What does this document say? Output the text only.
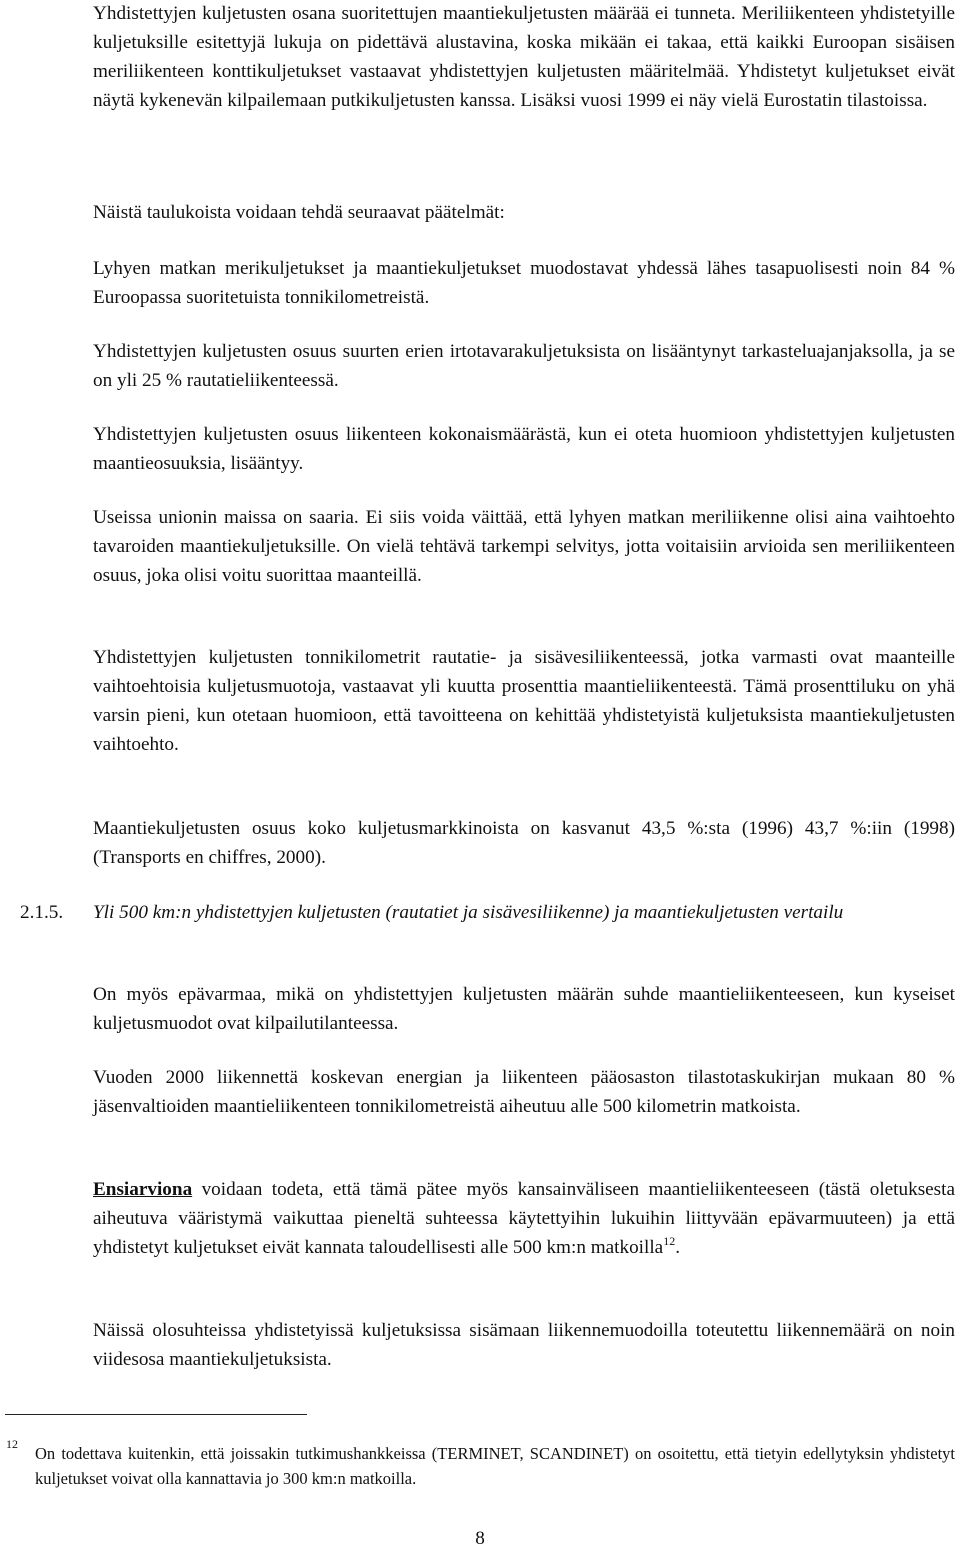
Yhdistettyjen kuljetusten osana suoritettujen maantiekuljetusten määrää ei tunneta. Meriliikenteen yhdistetyille kuljetuksille esitettyjä lukuja on pidettävä alustavina, koska mikään ei takaa, että kaikki Euroopan sisäisen meriliikenteen konttikuljetukset vastaavat yhdistettyjen kuljetusten määritelmää. Yhdistetyt kuljetukset eivät näytä kykenevän kilpailemaan putkikuljetusten kanssa. Lisäksi vuosi 1999 ei näy vielä Eurostatin tilastoissa.

Näistä taulukoista voidaan tehdä seuraavat päätelmät:

Lyhyen matkan merikuljetukset ja maantiekuljetukset muodostavat yhdessä lähes tasapuolisesti noin 84 % Euroopassa suoritetuista tonnikilometreistä.

Yhdistettyjen kuljetusten osuus suurten erien irtotavarakuljetuksista on lisääntynyt tarkasteluajanjaksolla, ja se on yli 25 % rautatieliikenteessä.

Yhdistettyjen kuljetusten osuus liikenteen kokonaismäärästä, kun ei oteta huomioon yhdistettyjen kuljetusten maantieosuuksia, lisääntyy.

Useissa unionin maissa on saaria. Ei siis voida väittää, että lyhyen matkan meriliikenne olisi aina vaihtoehto tavaroiden maantiekuljetuksille. On vielä tehtävä tarkempi selvitys, jotta voitaisiin arvioida sen meriliikenteen osuus, joka olisi voitu suorittaa maanteillä.

Yhdistettyjen kuljetusten tonnikilometrit rautatie- ja sisävesiliikenteessä, jotka varmasti ovat maanteille vaihtoehtoisia kuljetusmuotoja, vastaavat yli kuutta prosenttia maantieliikenteestä. Tämä prosenttiluku on yhä varsin pieni, kun otetaan huomioon, että tavoitteena on kehittää yhdistetyistä kuljetuksista maantiekuljetusten vaihtoehto.

Maantiekuljetusten osuus koko kuljetusmarkkinoista on kasvanut 43,5 %:sta (1996) 43,7 %:iin (1998) (Transports en chiffres, 2000).

2.1.5. Yli 500 km:n yhdistettyjen kuljetusten (rautatiet ja sisävesiliikenne) ja maantiekuljetusten vertailu

On myös epävarmaa, mikä on yhdistettyjen kuljetusten määrän suhde maantieliikenteeseen, kun kyseiset kuljetusmuodot ovat kilpailutilanteessa.

Vuoden 2000 liikennettä koskevan energian ja liikenteen pääosaston tilastotaskukirjan mukaan 80 % jäsenvaltioiden maantieliikenteen tonnikilometreistä aiheutuu alle 500 kilometrin matkoista.

Ensiarviona voidaan todeta, että tämä pätee myös kansainväliseen maantieliikenteeseen (tästä oletuksesta aiheutuva vääristymä vaikuttaa pieneltä suhteessa käytettyihin lukuihin liittyvään epävarmuuteen) ja että yhdistetyt kuljetukset eivät kannata taloudellisesti alle 500 km:n matkoilla$^{12}$.

Näissä olosuhteissa yhdistetyissä kuljetuksissa sisämaan liikennemuodoilla toteutettu liikennemäärä on noin viidesosa maantiekuljetuksista.

12 On todettava kuitenkin, että joissakin tutkimushankkeissa (TERMINET, SCANDINET) on osoitettu, että tietyin edellytyksin yhdistetyt kuljetukset voivat olla kannattavia jo 300 km:n matkoilla.

8
